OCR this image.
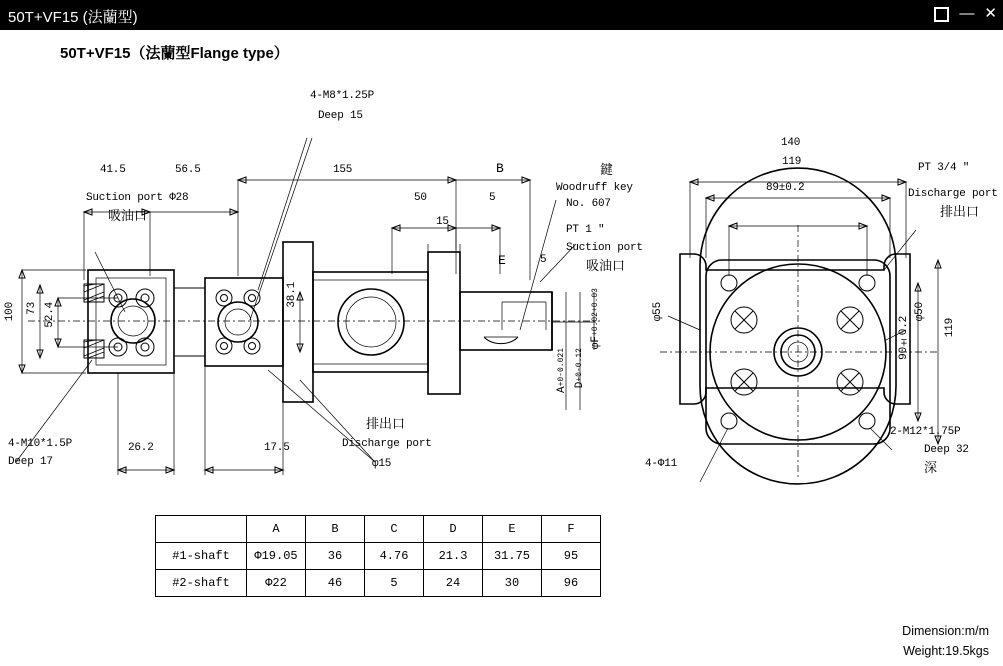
50T+VF15 (法蘭型)	— ✕
50T+VF15（法蘭型Flange type）
4-M8*1.25P
Deep 15
41.5	56.5	155	B
50	5
15
Suction port Φ28
吸油口
鍵
Woodruff key
No. 607
PT 1 "
Suction port
吸油口
E	5
100 73 52.4
38.1
26.2	17.5
4-M10*1.5P
Deep 17
排出口
Discharge port
φ15
A+0-0.021
D+0-0.12
φF+0.02+0.03
140
119
89±0.2
PT 3/4 "
Discharge port
排出口
φ55	φ50
90±0.2	119
4-Φ11
2-M12*1.75P
Deep 32
深
	A	B	C	D	E	F
#1-shaft	Φ19.05	36	4.76	21.3	31.75	95
#2-shaft	Φ22	46	5	24	30	96
Dimension:m/m
Weight:19.5kgs
